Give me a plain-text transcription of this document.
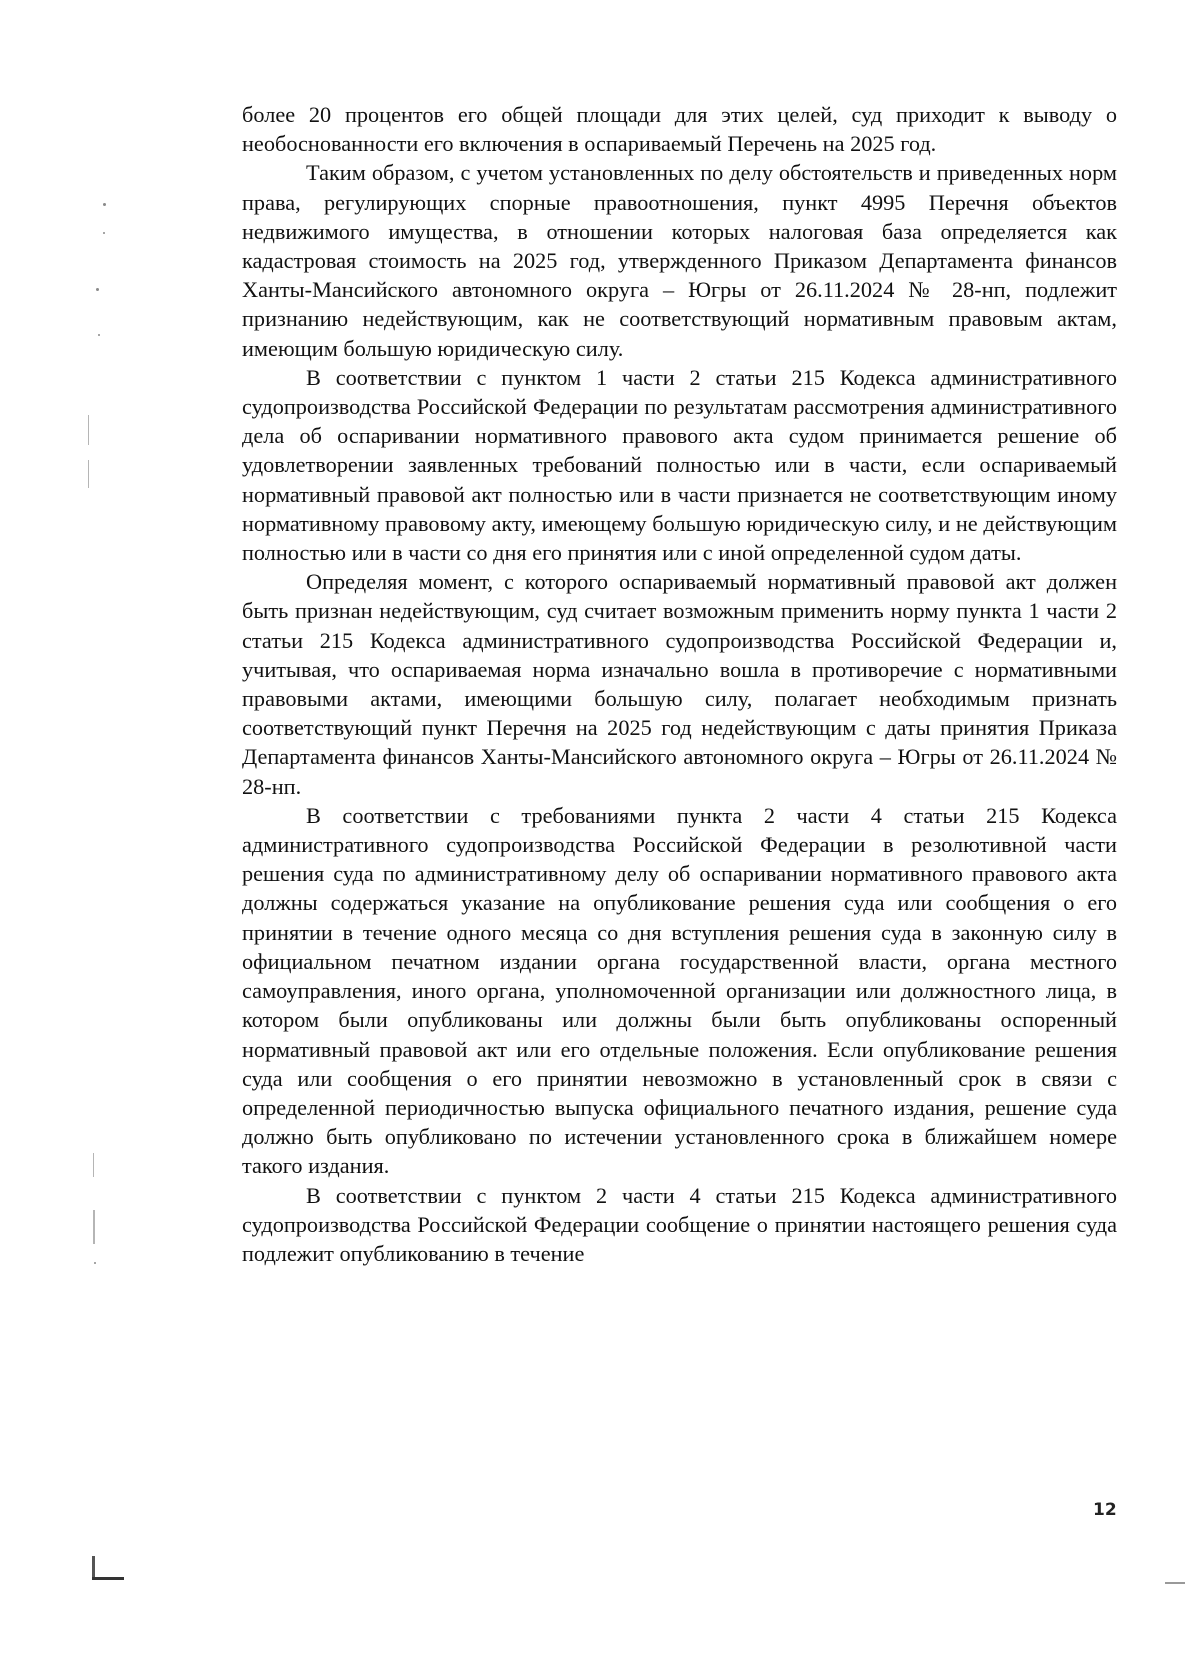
более 20 процентов его общей площади для этих целей, суд приходит к выводу о необоснованности его включения в оспариваемый Перечень на 2025 год.

Таким образом, с учетом установленных по делу обстоятельств и приведенных норм права, регулирующих спорные правоотношения, пункт 4995 Перечня объектов недвижимого имущества, в отношении которых налоговая база определяется как кадастровая стоимость на 2025 год, утвержденного Приказом Департамента финансов Ханты-Мансийского автономного округа – Югры от 26.11.2024 № 28-нп, подлежит признанию недействующим, как не соответствующий нормативным правовым актам, имеющим большую юридическую силу.

В соответствии с пунктом 1 части 2 статьи 215 Кодекса административного судопроизводства Российской Федерации по результатам рассмотрения административного дела об оспаривании нормативного правового акта судом принимается решение об удовлетворении заявленных требований полностью или в части, если оспариваемый нормативный правовой акт полностью или в части признается не соответствующим иному нормативному правовому акту, имеющему большую юридическую силу, и не действующим полностью или в части со дня его принятия или с иной определенной судом даты.

Определяя момент, с которого оспариваемый нормативный правовой акт должен быть признан недействующим, суд считает возможным применить норму пункта 1 части 2 статьи 215 Кодекса административного судопроизводства Российской Федерации и, учитывая, что оспариваемая норма изначально вошла в противоречие с нормативными правовыми актами, имеющими большую силу, полагает необходимым признать соответствующий пункт Перечня на 2025 год недействующим с даты принятия Приказа Департамента финансов Ханты-Мансийского автономного округа – Югры от 26.11.2024 № 28-нп.

В соответствии с требованиями пункта 2 части 4 статьи 215 Кодекса административного судопроизводства Российской Федерации в резолютивной части решения суда по административному делу об оспаривании нормативного правового акта должны содержаться указание на опубликование решения суда или сообщения о его принятии в течение одного месяца со дня вступления решения суда в законную силу в официальном печатном издании органа государственной власти, органа местного самоуправления, иного органа, уполномоченной организации или должностного лица, в котором были опубликованы или должны были быть опубликованы оспоренный нормативный правовой акт или его отдельные положения. Если опубликование решения суда или сообщения о его принятии невозможно в установленный срок в связи с определенной периодичностью выпуска официального печатного издания, решение суда должно быть опубликовано по истечении установленного срока в ближайшем номере такого издания.

В соответствии с пунктом 2 части 4 статьи 215 Кодекса административного судопроизводства Российской Федерации сообщение о принятии настоящего решения суда подлежит опубликованию в течение

12
